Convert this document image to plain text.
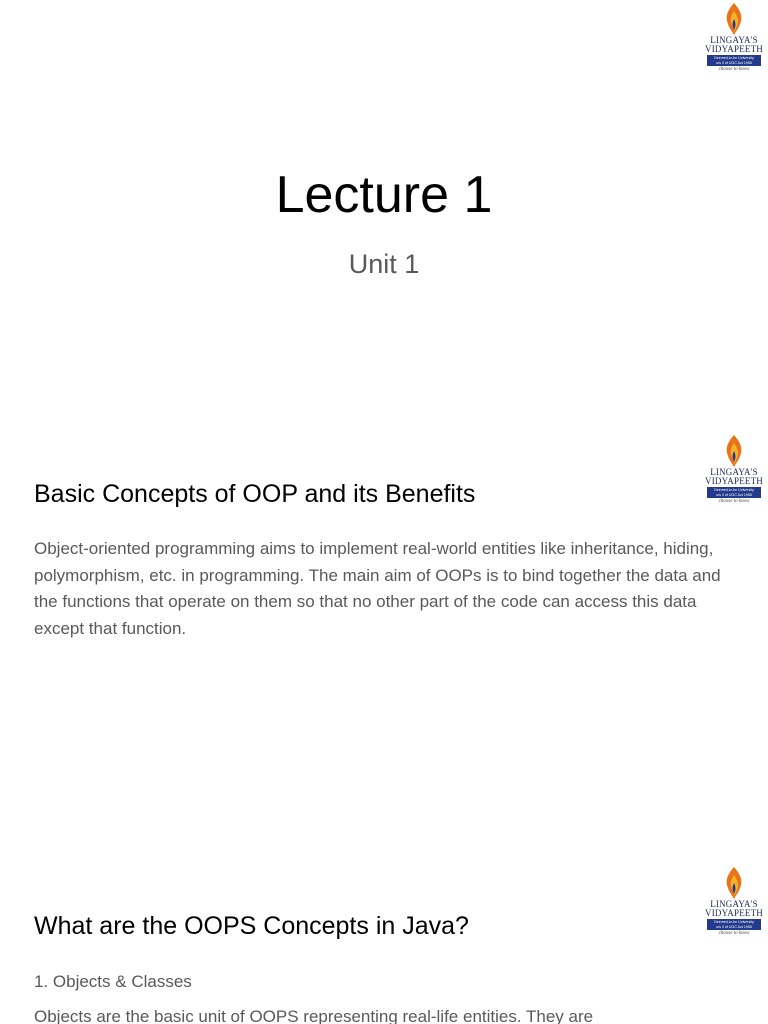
LINGAYA'S
VIDYAPEETH
Deemed-to-be University
u/s 3 of UGC Act 1956
choose to know
Lecture 1
Unit 1
LINGAYA'S
VIDYAPEETH
Deemed-to-be University
u/s 3 of UGC Act 1956
choose to know
Basic Concepts of OOP and its Benefits
Object-oriented programming aims to implement real-world entities like inheritance, hiding, polymorphism, etc. in programming. The main aim of OOPs is to bind together the data and the functions that operate on them so that no other part of the code can access this data except that function.
LINGAYA'S
VIDYAPEETH
Deemed-to-be University
u/s 3 of UGC Act 1956
choose to know
What are the OOPS Concepts in Java?
1. Objects & Classes
Objects are the basic unit of OOPS representing real-life entities. They are
